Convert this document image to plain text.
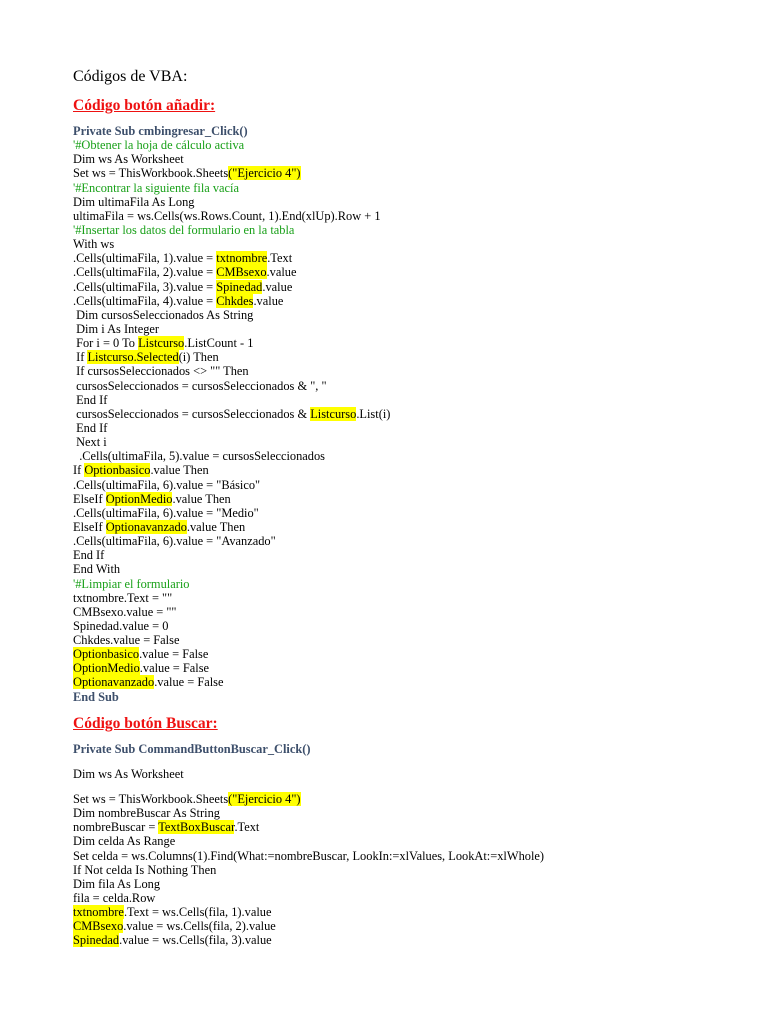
Códigos de VBA:
Código botón añadir:
Private Sub cmbingresar_Click()
'#Obtener la hoja de cálculo activa
Dim ws As Worksheet
Set ws = ThisWorkbook.Sheets("Ejercicio 4")
'#Encontrar la siguiente fila vacía
Dim ultimaFila As Long
ultimaFila = ws.Cells(ws.Rows.Count, 1).End(xlUp).Row + 1
'#Insertar los datos del formulario en la tabla
With ws
.Cells(ultimaFila, 1).value = txtnombre.Text
.Cells(ultimaFila, 2).value = CMBsexo.value
.Cells(ultimaFila, 3).value = Spinedad.value
.Cells(ultimaFila, 4).value = Chkdes.value
Dim cursosSeleccionados As String
Dim i As Integer
For i = 0 To Listcurso.ListCount - 1
If Listcurso.Selected(i) Then
If cursosSeleccionados <> "" Then
cursosSeleccionados = cursosSeleccionados & ", "
End If
cursosSeleccionados = cursosSeleccionados & Listcurso.List(i)
End If
Next i
.Cells(ultimaFila, 5).value = cursosSeleccionados
If Optionbasico.value Then
.Cells(ultimaFila, 6).value = "Básico"
ElseIf OptionMedio.value Then
.Cells(ultimaFila, 6).value = "Medio"
ElseIf Optionavanzado.value Then
.Cells(ultimaFila, 6).value = "Avanzado"
End If
End With
'#Limpiar el formulario
txtnombre.Text = ""
CMBsexo.value = ""
Spinedad.value = 0
Chkdes.value = False
Optionbasico.value = False
OptionMedio.value = False
Optionavanzado.value = False
End Sub
Código botón Buscar:
Private Sub CommandButtonBuscar_Click()
Dim ws As Worksheet
Set ws = ThisWorkbook.Sheets("Ejercicio 4")
Dim nombreBuscar As String
nombreBuscar = TextBoxBuscar.Text
Dim celda As Range
Set celda = ws.Columns(1).Find(What:=nombreBuscar, LookIn:=xlValues, LookAt:=xlWhole)
If Not celda Is Nothing Then
Dim fila As Long
fila = celda.Row
txtnombre.Text = ws.Cells(fila, 1).value
CMBsexo.value = ws.Cells(fila, 2).value
Spinedad.value = ws.Cells(fila, 3).value
